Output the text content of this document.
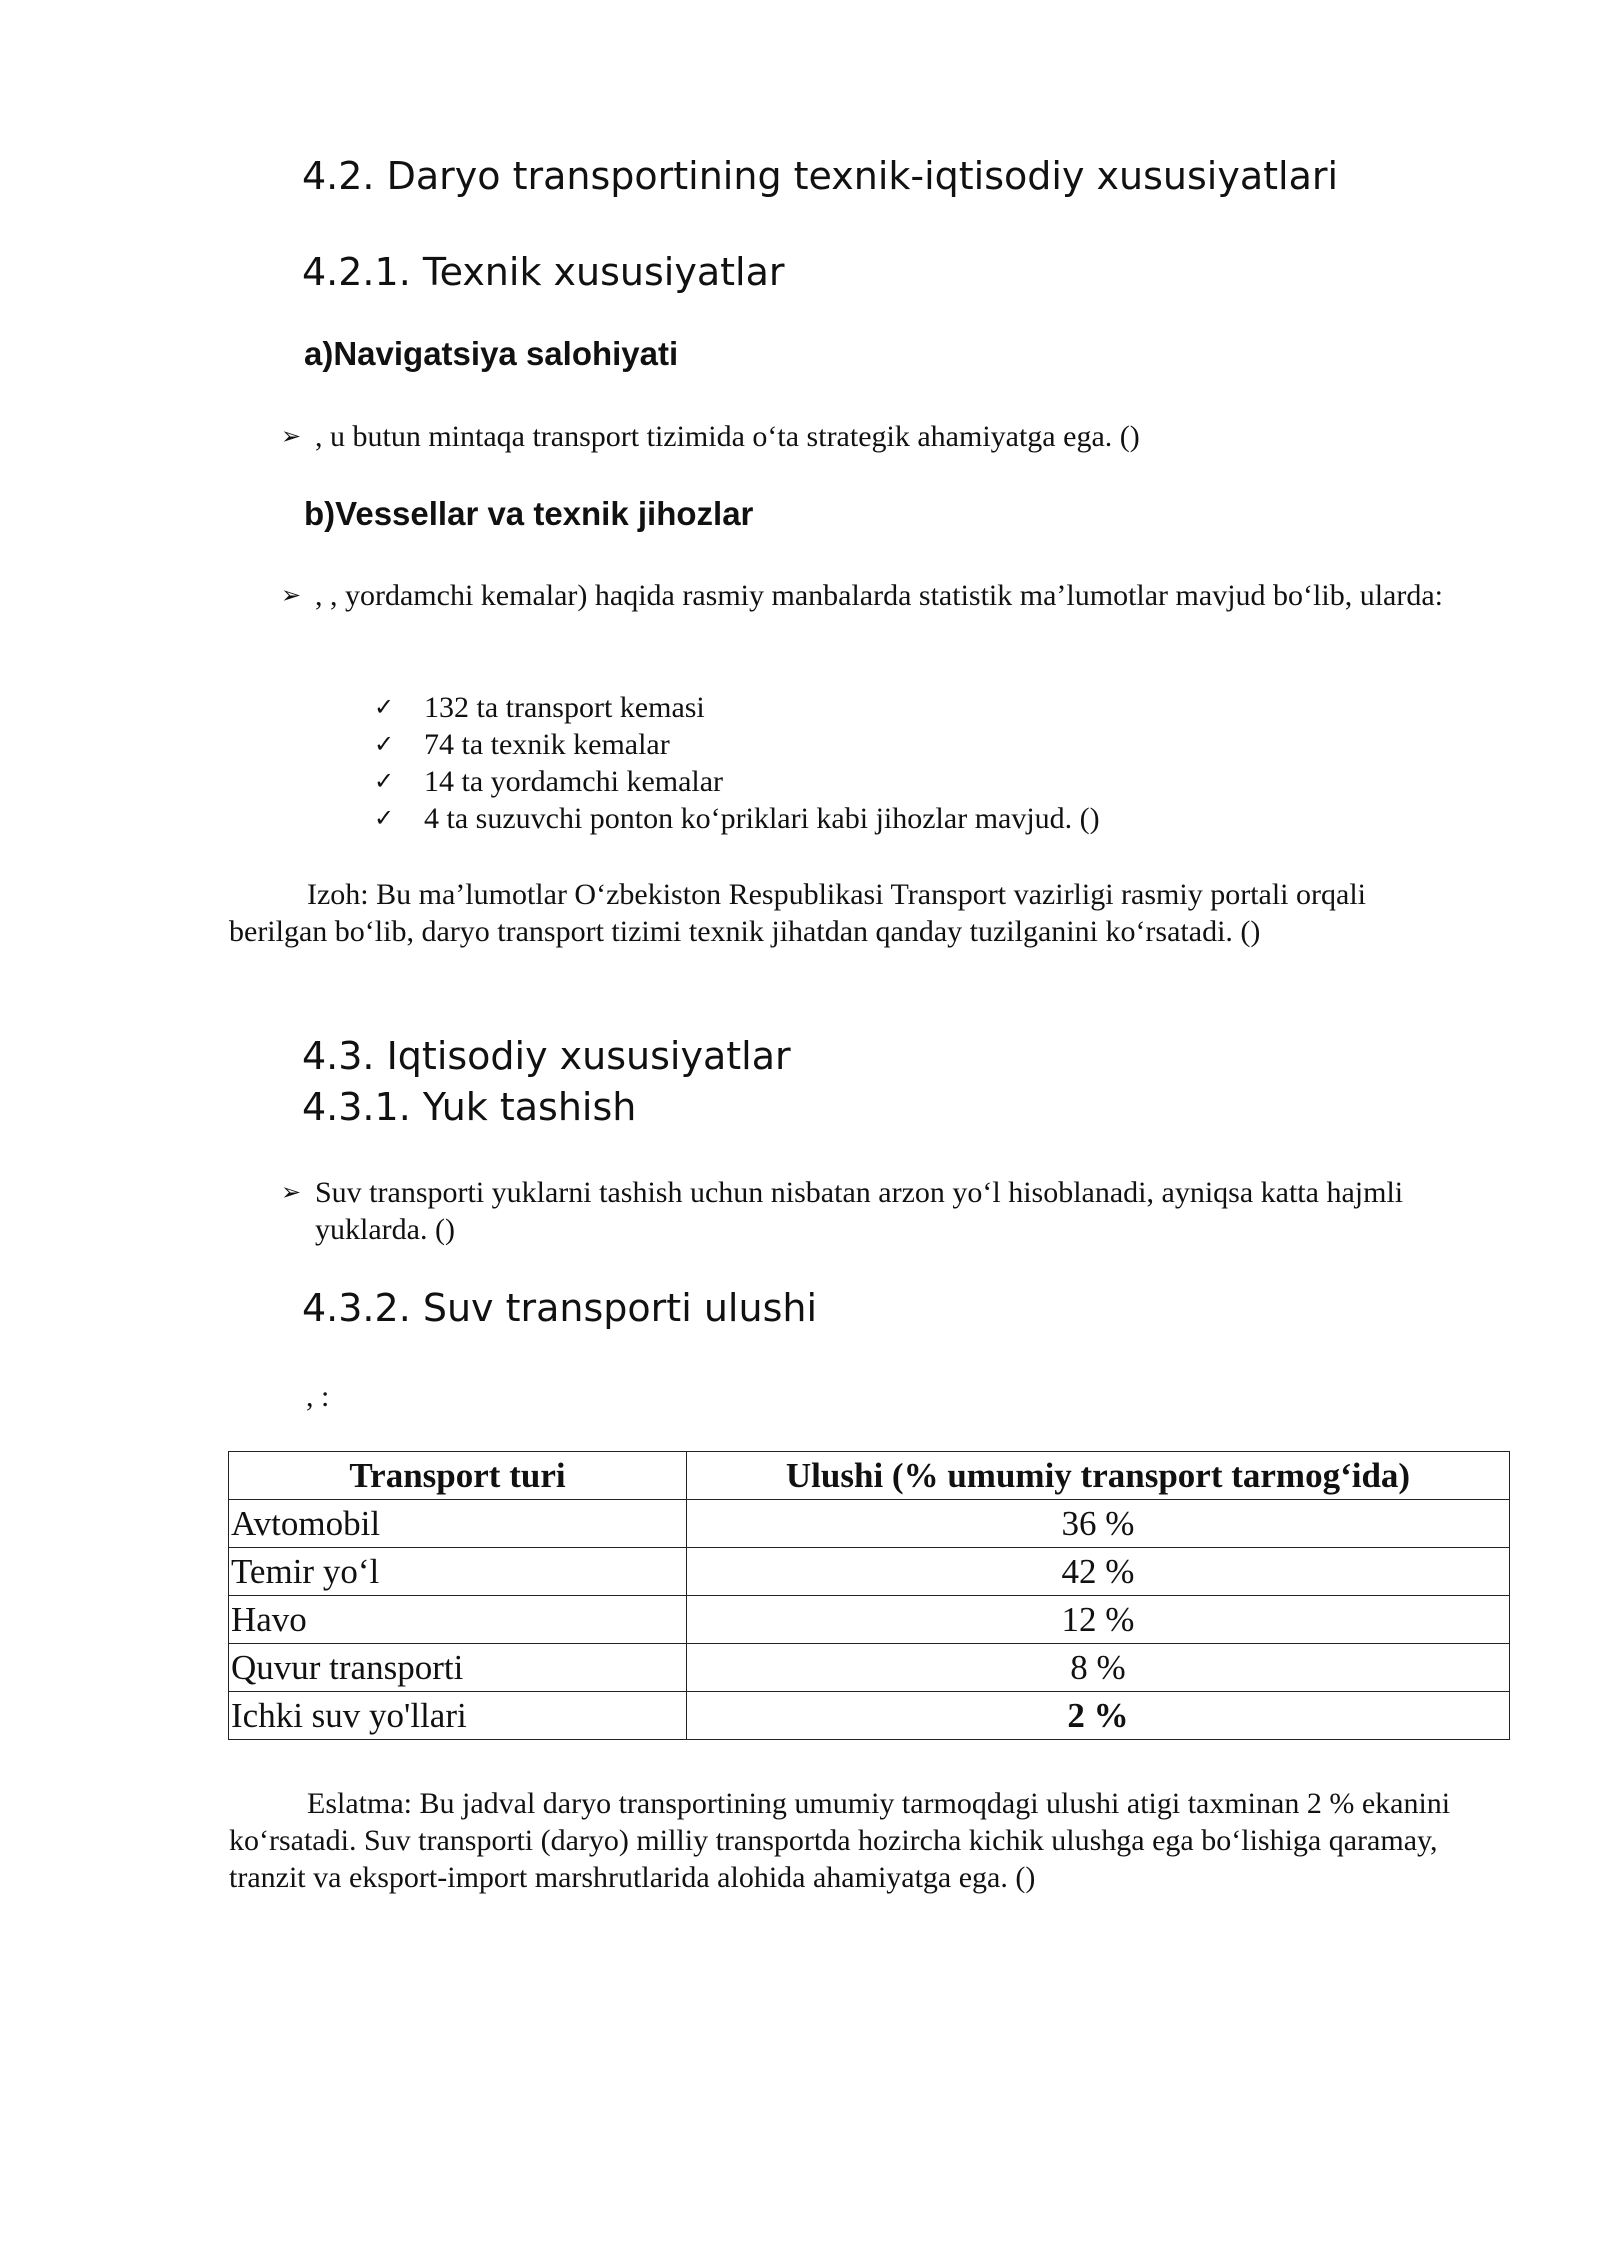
4.2. Daryo transportining texnik-iqtisodiy xususiyatlari
4.2.1. Texnik xususiyatlar
a)Navigatsiya salohiyati
➢ , u butun mintaqa transport tizimida o‘ta strategik ahamiyatga ega. ()
b)Vessellar va texnik jihozlar
➢ , , yordamchi kemalar) haqida rasmiy manbalarda statistik ma’lumotlar mavjud bo‘lib, ularda:
✓ 132 ta transport kemasi
✓ 74 ta texnik kemalar
✓ 14 ta yordamchi kemalar
✓ 4 ta suzuvchi ponton ko‘priklari kabi jihozlar mavjud. ()

Izoh: Bu ma’lumotlar O‘zbekiston Respublikasi Transport vazirligi rasmiy portali orqali berilgan bo‘lib, daryo transport tizimi texnik jihatdan qanday tuzilganini ko‘rsatadi. ()

4.3. Iqtisodiy xususiyatlar
4.3.1. Yuk tashish
➢ Suv transporti yuklarni tashish uchun nisbatan arzon yo‘l hisoblanadi, ayniqsa katta hajmli yuklarda. ()
4.3.2. Suv transporti ulushi
, :
Transport turi	Ulushi (% umumiy transport tarmog‘ida)
Avtomobil	36 %
Temir yo‘l	42 %
Havo	12 %
Quvur transporti	8 %
Ichki suv yo'llari	2 %

Eslatma: Bu jadval daryo transportining umumiy tarmoqdagi ulushi atigi taxminan 2 % ekanini ko‘rsatadi. Suv transporti (daryo) milliy transportda hozircha kichik ulushga ega bo‘lishiga qaramay, tranzit va eksport-import marshrutlarida alohida ahamiyatga ega. ()
